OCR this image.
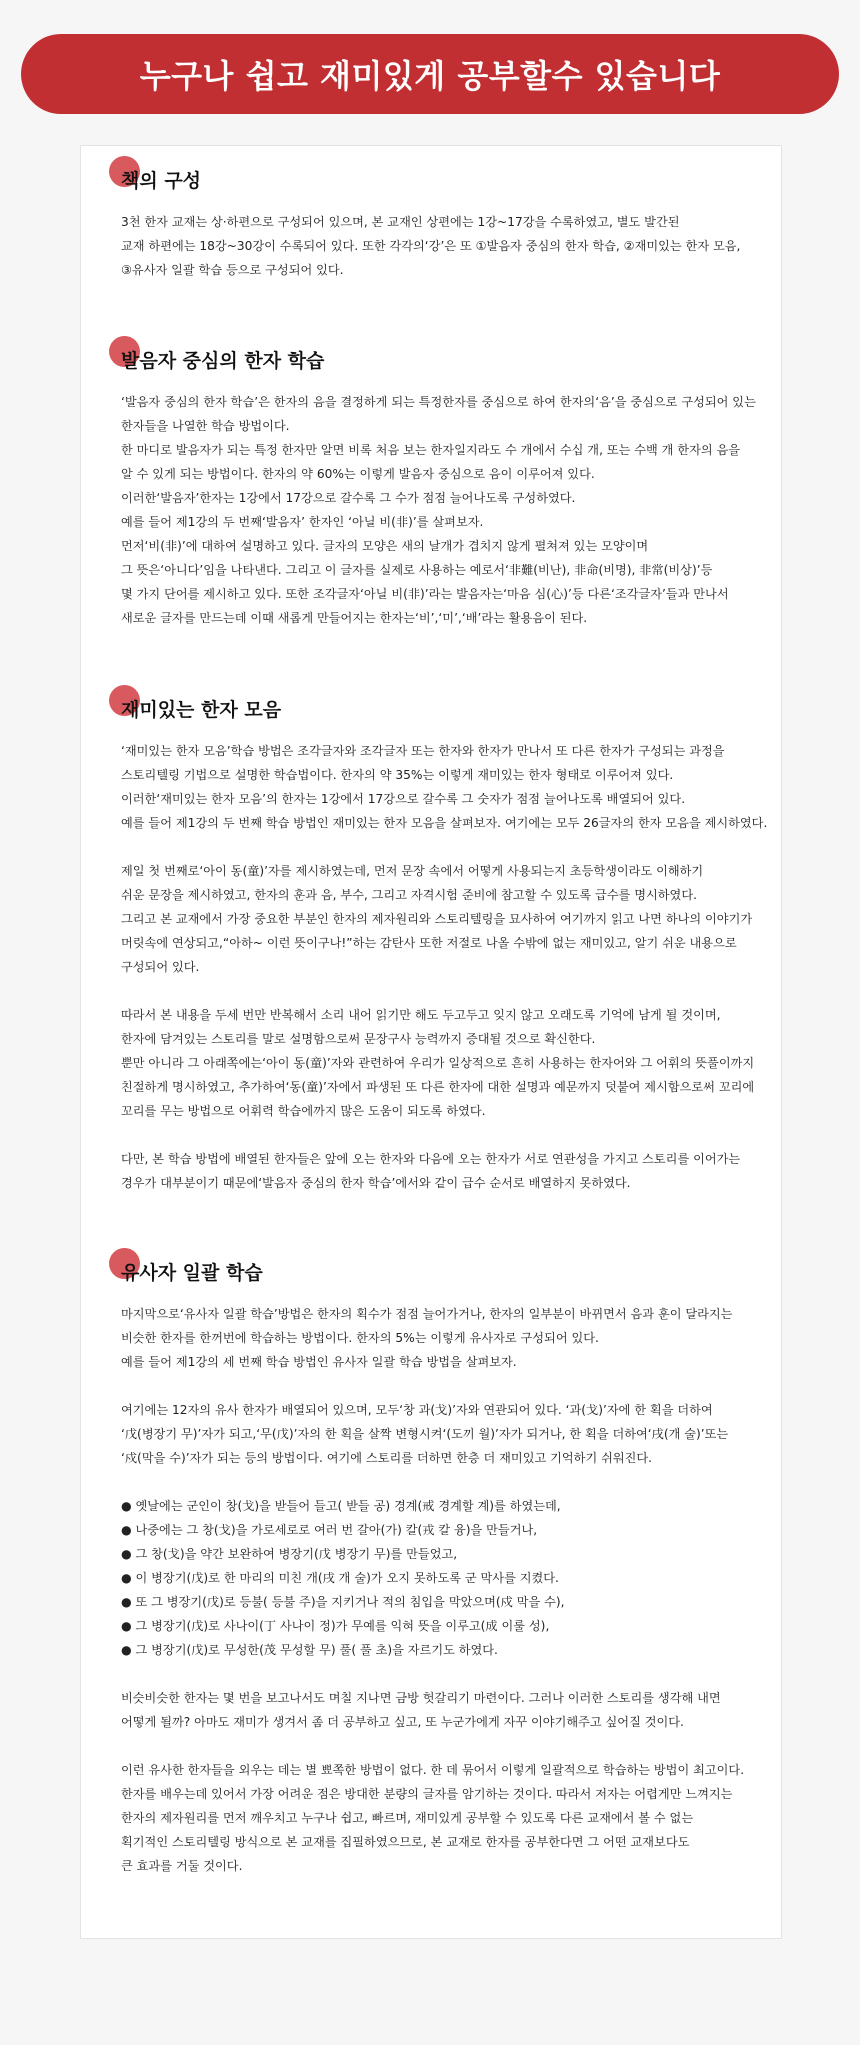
누구나 쉽고 재미있게 공부할수 있습니다
책의 구성
3천 한자 교재는 상·하편으로 구성되어 있으며, 본 교재인 상편에는 1강~17강을 수록하였고, 별도 발간된
교재 하편에는 18강~30강이 수록되어 있다. 또한 각각의‘강’은 또 ①발음자 중심의 한자 학습, ②재미있는 한자 모음,
③유사자 일괄 학습 등으로 구성되어 있다.
발음자 중심의 한자 학습
‘발음자 중심의 한자 학습’은 한자의 음을 결정하게 되는 특정한자를 중심으로 하여 한자의‘음’을 중심으로 구성되어 있는
한자들을 나열한 학습 방법이다.
한 마디로 발음자가 되는 특정 한자만 알면 비록 처음 보는 한자일지라도 수 개에서 수십 개, 또는 수백 개 한자의 음을
알 수 있게 되는 방법이다. 한자의 약 60%는 이렇게 발음자 중심으로 음이 이루어져 있다.
이러한‘발음자’한자는 1강에서 17강으로 갈수록 그 수가 점점 늘어나도록 구성하였다.
예를 들어 제1강의 두 번째‘발음자’ 한자인 ‘아닐 비(非)’를 살펴보자.
먼저‘비(非)’에 대하여 설명하고 있다. 글자의 모양은 새의 날개가 겹치지 않게 펼쳐져 있는 모양이며
그 뜻은‘아니다’임을 나타낸다. 그리고 이 글자를 실제로 사용하는 예로서‘非難(비난), 非命(비명), 非常(비상)’등
몇 가지 단어를 제시하고 있다. 또한 조각글자‘아닐 비(非)’라는 발음자는‘마음 심(心)’등 다른‘조각글자’들과 만나서
새로운 글자를 만드는데 이때 새롭게 만들어지는 한자는‘비’,‘미’,‘배’라는 활용음이 된다.
재미있는 한자 모음
‘재미있는 한자 모음’학습 방법은 조각글자와 조각글자 또는 한자와 한자가 만나서 또 다른 한자가 구성되는 과정을
스토리텔링 기법으로 설명한 학습법이다. 한자의 약 35%는 이렇게 재미있는 한자 형태로 이루어져 있다.
이러한‘재미있는 한자 모음’의 한자는 1강에서 17강으로 갈수록 그 숫자가 점점 늘어나도록 배열되어 있다.
예를 들어 제1강의 두 번째 학습 방법인 재미있는 한자 모음을 살펴보자. 여기에는 모두 26글자의 한자 모음을 제시하였다.
제일 첫 번째로‘아이 동(童)’자를 제시하였는데, 먼저 문장 속에서 어떻게 사용되는지 초등학생이라도 이해하기
쉬운 문장을 제시하였고, 한자의 훈과 음, 부수, 그리고 자격시험 준비에 참고할 수 있도록 급수를 명시하였다.
그리고 본 교재에서 가장 중요한 부분인 한자의 제자원리와 스토리텔링을 묘사하여 여기까지 읽고 나면 하나의 이야기가
머릿속에 연상되고,“아하~ 이런 뜻이구나!”하는 감탄사 또한 저절로 나올 수밖에 없는 재미있고, 알기 쉬운 내용으로
구성되어 있다.
따라서 본 내용을 두세 번만 반복해서 소리 내어 읽기만 해도 두고두고 잊지 않고 오래도록 기억에 남게 될 것이며,
한자에 담겨있는 스토리를 말로 설명함으로써 문장구사 능력까지 증대될 것으로 확신한다.
뿐만 아니라 그 아래쪽에는‘아이 동(童)’자와 관련하여 우리가 일상적으로 흔히 사용하는 한자어와 그 어휘의 뜻풀이까지
친절하게 명시하였고, 추가하여‘동(童)’자에서 파생된 또 다른 한자에 대한 설명과 예문까지 덧붙여 제시함으로써 꼬리에
꼬리를 무는 방법으로 어휘력 학습에까지 많은 도움이 되도록 하였다.
다만, 본 학습 방법에 배열된 한자들은 앞에 오는 한자와 다음에 오는 한자가 서로 연관성을 가지고 스토리를 이어가는
경우가 대부분이기 때문에‘발음자 중심의 한자 학습’에서와 같이 급수 순서로 배열하지 못하였다.
유사자 일괄 학습
마지막으로‘유사자 일괄 학습’방법은 한자의 획수가 점점 늘어가거나, 한자의 일부분이 바뀌면서 음과 훈이 달라지는
비슷한 한자를 한꺼번에 학습하는 방법이다. 한자의 5%는 이렇게 유사자로 구성되어 있다.
예를 들어 제1강의 세 번째 학습 방법인 유사자 일괄 학습 방법을 살펴보자.
여기에는 12자의 유사 한자가 배열되어 있으며, 모두‘창 과(戈)’자와 연관되어 있다. ‘과(戈)’자에 한 획을 더하여
‘戊(병장기 무)’자가 되고,‘무(戊)’자의 한 획을 살짝 변형시켜‘(도끼 월)’자가 되거나, 한 획을 더하여‘戌(개 술)’또는
‘戍(막을 수)’자가 되는 등의 방법이다. 여기에 스토리를 더하면 한층 더 재미있고 기억하기 쉬워진다.
● 옛날에는 군인이 창(戈)을 받들어 들고( 받들 공) 경계(戒 경계할 계)를 하였는데,
● 나중에는 그 창(戈)을 가로세로로 여러 번 갈아(가) 칼(戎 칼 융)을 만들거나,
● 그 창(戈)을 약간 보완하여 병장기(戊 병장기 무)를 만들었고,
● 이 병장기(戊)로 한 마리의 미친 개(戌 개 술)가 오지 못하도록 군 막사를 지켰다.
● 또 그 병장기(戊)로 등불( 등불 주)을 지키거나 적의 침입을 막았으며(戍 막을 수),
● 그 병장기(戊)로 사나이(丁 사나이 정)가 무예를 익혀 뜻을 이루고(成 이룰 성),
● 그 병장기(戊)로 무성한(茂 무성할 무) 풀( 풀 초)을 자르기도 하였다.
비슷비슷한 한자는 몇 번을 보고나서도 며칠 지나면 금방 헛갈리기 마련이다. 그러나 이러한 스토리를 생각해 내면
어떻게 될까? 아마도 재미가 생겨서 좀 더 공부하고 싶고, 또 누군가에게 자꾸 이야기해주고 싶어질 것이다.
이런 유사한 한자들을 외우는 데는 별 뾰쪽한 방법이 없다. 한 데 묶어서 이렇게 일괄적으로 학습하는 방법이 최고이다.
한자를 배우는데 있어서 가장 어려운 점은 방대한 분량의 글자를 암기하는 것이다. 따라서 저자는 어렵게만 느껴지는
한자의 제자원리를 먼저 깨우치고 누구나 쉽고, 빠르며, 재미있게 공부할 수 있도록 다른 교재에서 볼 수 없는
획기적인 스토리텔링 방식으로 본 교재를 집필하였으므로, 본 교재로 한자를 공부한다면 그 어떤 교재보다도
큰 효과를 거둘 것이다.
